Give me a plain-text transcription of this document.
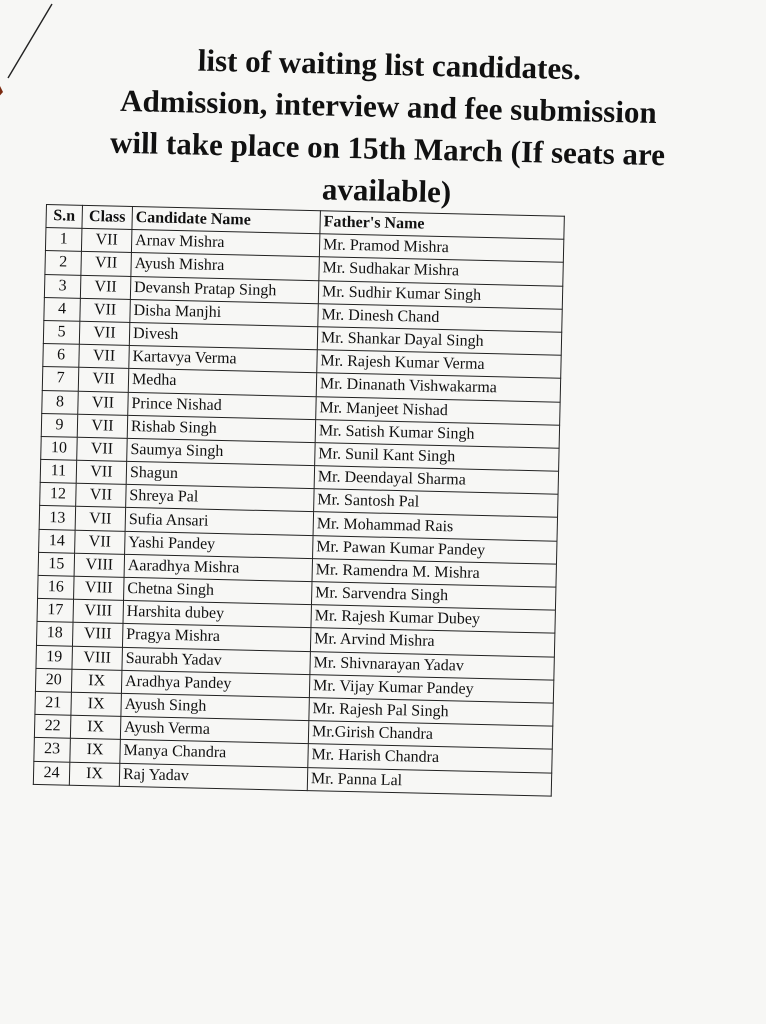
list of waiting list candidates.
Admission, interview and fee submission
will take place on 15th March (If seats are
available)
S.n	Class	Candidate Name	Father's Name
1	VII	Arnav Mishra	Mr. Pramod Mishra
2	VII	Ayush Mishra	Mr. Sudhakar Mishra
3	VII	Devansh Pratap Singh	Mr. Sudhir Kumar Singh
4	VII	Disha Manjhi	Mr. Dinesh Chand
5	VII	Divesh	Mr. Shankar Dayal Singh
6	VII	Kartavya Verma	Mr. Rajesh Kumar Verma
7	VII	Medha	Mr. Dinanath Vishwakarma
8	VII	Prince Nishad	Mr. Manjeet Nishad
9	VII	Rishab Singh	Mr. Satish Kumar Singh
10	VII	Saumya Singh	Mr. Sunil Kant Singh
11	VII	Shagun	Mr. Deendayal Sharma
12	VII	Shreya Pal	Mr. Santosh Pal
13	VII	Sufia Ansari	Mr. Mohammad Rais
14	VII	Yashi Pandey	Mr. Pawan Kumar Pandey
15	VIII	Aaradhya Mishra	Mr. Ramendra M. Mishra
16	VIII	Chetna Singh	Mr. Sarvendra Singh
17	VIII	Harshita dubey	Mr. Rajesh Kumar Dubey
18	VIII	Pragya Mishra	Mr. Arvind Mishra
19	VIII	Saurabh Yadav	Mr. Shivnarayan Yadav
20	IX	Aradhya Pandey	Mr. Vijay Kumar Pandey
21	IX	Ayush Singh	Mr. Rajesh Pal Singh
22	IX	Ayush Verma	Mr.Girish Chandra
23	IX	Manya Chandra	Mr. Harish Chandra
24	IX	Raj Yadav	Mr. Panna Lal
